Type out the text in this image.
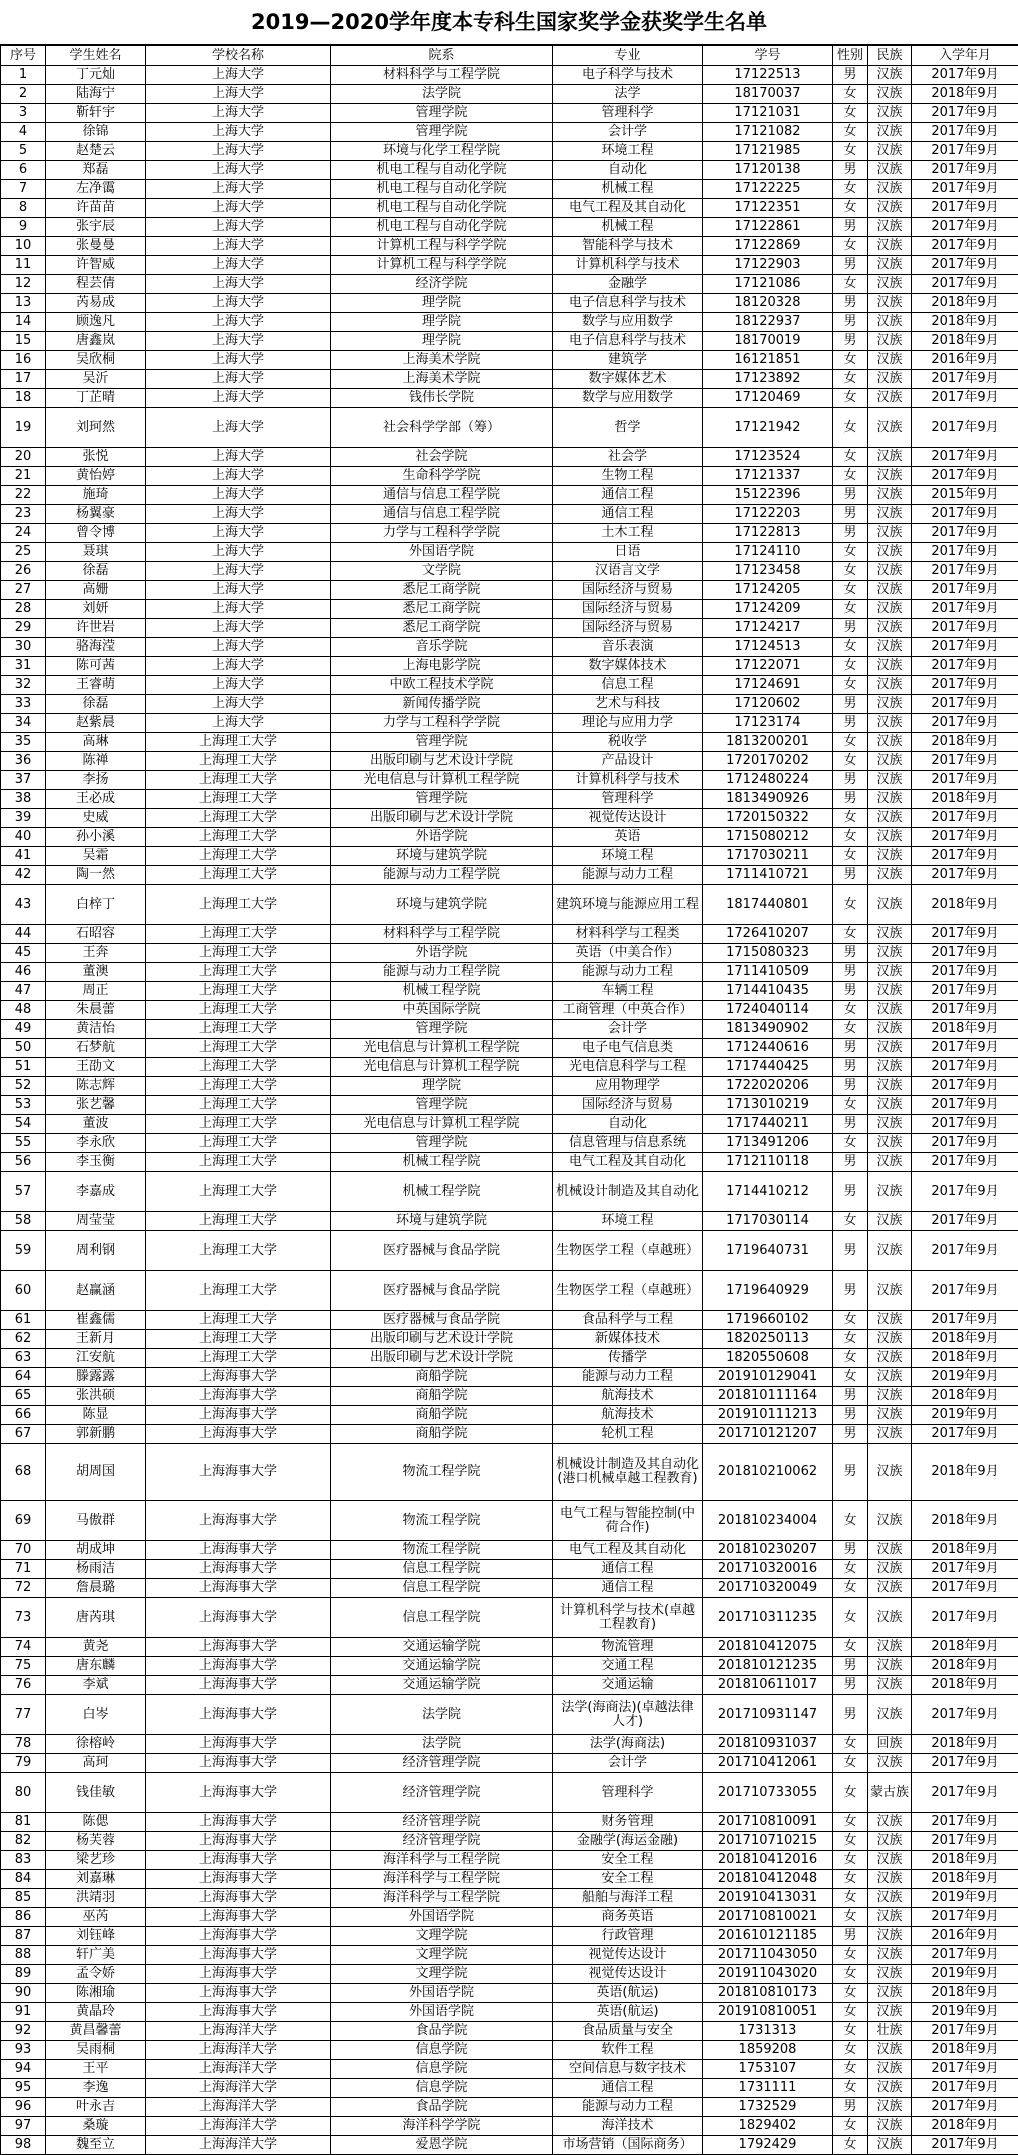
2019—2020学年度本专科生国家奖学金获奖学生名单
序号	学生姓名	学校名称	院系	专业	学号	性别	民族	入学年月
1	丁元灿	上海大学	材料科学与工程学院	电子科学与技术	17122513	男	汉族	2017年9月
2	陆海宁	上海大学	法学院	法学	18170037	女	汉族	2018年9月
3	靳轩宇	上海大学	管理学院	管理科学	17121031	女	汉族	2017年9月
4	徐锦	上海大学	管理学院	会计学	17121082	女	汉族	2017年9月
5	赵楚云	上海大学	环境与化学工程学院	环境工程	17121985	女	汉族	2017年9月
6	郑磊	上海大学	机电工程与自动化学院	自动化	17120138	男	汉族	2017年9月
7	左净霭	上海大学	机电工程与自动化学院	机械工程	17122225	女	汉族	2017年9月
8	许苗苗	上海大学	机电工程与自动化学院	电气工程及其自动化	17122351	女	汉族	2017年9月
9	张宇辰	上海大学	机电工程与自动化学院	机械工程	17122861	男	汉族	2017年9月
10	张曼曼	上海大学	计算机工程与科学学院	智能科学与技术	17122869	女	汉族	2017年9月
11	许智威	上海大学	计算机工程与科学学院	计算机科学与技术	17122903	男	汉族	2017年9月
12	程芸倩	上海大学	经济学院	金融学	17121086	女	汉族	2017年9月
13	芮易成	上海大学	理学院	电子信息科学与技术	18120328	男	汉族	2018年9月
14	顾逸凡	上海大学	理学院	数学与应用数学	18122937	男	汉族	2018年9月
15	唐鑫岚	上海大学	理学院	电子信息科学与技术	18170019	男	汉族	2018年9月
16	吴欣桐	上海大学	上海美术学院	建筑学	16121851	女	汉族	2016年9月
17	吴沂	上海大学	上海美术学院	数字媒体艺术	17123892	女	汉族	2017年9月
18	丁芷晴	上海大学	钱伟长学院	数学与应用数学	17120469	女	汉族	2017年9月
19	刘珂然	上海大学	社会科学学部（筹）	哲学	17121942	女	汉族	2017年9月
20	张悦	上海大学	社会学院	社会学	17123524	女	汉族	2017年9月
21	黄怡婷	上海大学	生命科学学院	生物工程	17121337	女	汉族	2017年9月
22	施琦	上海大学	通信与信息工程学院	通信工程	15122396	男	汉族	2015年9月
23	杨翼豪	上海大学	通信与信息工程学院	通信工程	17122203	男	汉族	2017年9月
24	曾令博	上海大学	力学与工程科学学院	土木工程	17122813	男	汉族	2017年9月
25	聂琪	上海大学	外国语学院	日语	17124110	女	汉族	2017年9月
26	徐磊	上海大学	文学院	汉语言文学	17123458	女	汉族	2017年9月
27	高姗	上海大学	悉尼工商学院	国际经济与贸易	17124205	女	汉族	2017年9月
28	刘妍	上海大学	悉尼工商学院	国际经济与贸易	17124209	女	汉族	2017年9月
29	许世岩	上海大学	悉尼工商学院	国际经济与贸易	17124217	男	汉族	2017年9月
30	骆海滢	上海大学	音乐学院	音乐表演	17124513	女	汉族	2017年9月
31	陈可茜	上海大学	上海电影学院	数字媒体技术	17122071	女	汉族	2017年9月
32	王睿萌	上海大学	中欧工程技术学院	信息工程	17124691	女	汉族	2017年9月
33	徐磊	上海大学	新闻传播学院	艺术与科技	17120602	男	汉族	2017年9月
34	赵紫晨	上海大学	力学与工程科学学院	理论与应用力学	17123174	男	汉族	2017年9月
35	高琳	上海理工大学	管理学院	税收学	1813200201	女	汉族	2018年9月
36	陈禅	上海理工大学	出版印刷与艺术设计学院	产品设计	1720170202	女	汉族	2017年9月
37	李扬	上海理工大学	光电信息与计算机工程学院	计算机科学与技术	1712480224	男	汉族	2017年9月
38	王必成	上海理工大学	管理学院	管理科学	1813490926	男	汉族	2018年9月
39	史威	上海理工大学	出版印刷与艺术设计学院	视觉传达设计	1720150322	女	汉族	2017年9月
40	孙小溪	上海理工大学	外语学院	英语	1715080212	女	汉族	2017年9月
41	吴霜	上海理工大学	环境与建筑学院	环境工程	1717030211	女	汉族	2017年9月
42	陶一然	上海理工大学	能源与动力工程学院	能源与动力工程	1711410721	男	汉族	2017年9月
43	白梓丁	上海理工大学	环境与建筑学院	建筑环境与能源应用工程	1817440801	女	汉族	2018年9月
44	石昭容	上海理工大学	材料科学与工程学院	材料科学与工程类	1726410207	女	汉族	2017年9月
45	王奔	上海理工大学	外语学院	英语（中美合作）	1715080323	男	汉族	2017年9月
46	董澳	上海理工大学	能源与动力工程学院	能源与动力工程	1711410509	男	汉族	2017年9月
47	周正	上海理工大学	机械工程学院	车辆工程	1714410435	男	汉族	2017年9月
48	朱晨蕾	上海理工大学	中英国际学院	工商管理（中英合作）	1724040114	女	汉族	2017年9月
49	黄洁怡	上海理工大学	管理学院	会计学	1813490902	女	汉族	2018年9月
50	石梦航	上海理工大学	光电信息与计算机工程学院	电子电气信息类	1712440616	男	汉族	2017年9月
51	王劭文	上海理工大学	光电信息与计算机工程学院	光电信息科学与工程	1717440425	男	汉族	2017年9月
52	陈志辉	上海理工大学	理学院	应用物理学	1722020206	男	汉族	2017年9月
53	张艺馨	上海理工大学	管理学院	国际经济与贸易	1713010219	女	汉族	2017年9月
54	董波	上海理工大学	光电信息与计算机工程学院	自动化	1717440211	男	汉族	2017年9月
55	李永欣	上海理工大学	管理学院	信息管理与信息系统	1713491206	女	汉族	2017年9月
56	李玉衡	上海理工大学	机械工程学院	电气工程及其自动化	1712110118	男	汉族	2017年9月
57	李嘉成	上海理工大学	机械工程学院	机械设计制造及其自动化	1714410212	男	汉族	2017年9月
58	周莹莹	上海理工大学	环境与建筑学院	环境工程	1717030114	女	汉族	2017年9月
59	周利钢	上海理工大学	医疗器械与食品学院	生物医学工程（卓越班）	1719640731	男	汉族	2017年9月
60	赵赢涵	上海理工大学	医疗器械与食品学院	生物医学工程（卓越班）	1719640929	男	汉族	2017年9月
61	崔鑫儒	上海理工大学	医疗器械与食品学院	食品科学与工程	1719660102	女	汉族	2017年9月
62	王新月	上海理工大学	出版印刷与艺术设计学院	新媒体技术	1820250113	女	汉族	2018年9月
63	江安航	上海理工大学	出版印刷与艺术设计学院	传播学	1820550608	女	汉族	2018年9月
64	滕露露	上海海事大学	商船学院	能源与动力工程	201910129041	女	汉族	2019年9月
65	张洪硕	上海海事大学	商船学院	航海技术	201810111164	男	汉族	2018年9月
66	陈显	上海海事大学	商船学院	航海技术	201910111213	男	汉族	2019年9月
67	郭新鹏	上海海事大学	商船学院	轮机工程	201710121207	男	汉族	2017年9月
68	胡周国	上海海事大学	物流工程学院	机械设计制造及其自动化(港口机械卓越工程教育)	201810210062	男	汉族	2018年9月
69	马傲群	上海海事大学	物流工程学院	电气工程与智能控制(中荷合作)	201810234004	女	汉族	2018年9月
70	胡成坤	上海海事大学	物流工程学院	电气工程及其自动化	201810230207	男	汉族	2018年9月
71	杨雨洁	上海海事大学	信息工程学院	通信工程	201710320016	女	汉族	2017年9月
72	詹晨璐	上海海事大学	信息工程学院	通信工程	201710320049	女	汉族	2017年9月
73	唐芮琪	上海海事大学	信息工程学院	计算机科学与技术(卓越工程教育)	201710311235	女	汉族	2017年9月
74	黄尧	上海海事大学	交通运输学院	物流管理	201810412075	女	汉族	2018年9月
75	唐东麟	上海海事大学	交通运输学院	交通工程	201810121235	男	汉族	2018年9月
76	李斌	上海海事大学	交通运输学院	交通运输	201810611017	男	汉族	2018年9月
77	白岑	上海海事大学	法学院	法学(海商法)(卓越法律人才)	201710931147	男	汉族	2017年9月
78	徐榕岭	上海海事大学	法学院	法学(海商法)	201810931037	女	回族	2018年9月
79	高珂	上海海事大学	经济管理学院	会计学	201710412061	女	汉族	2017年9月
80	钱佳敏	上海海事大学	经济管理学院	管理科学	201710733055	女	蒙古族	2017年9月
81	陈偲	上海海事大学	经济管理学院	财务管理	201710810091	女	汉族	2017年9月
82	杨芙蓉	上海海事大学	经济管理学院	金融学(海运金融)	201710710215	女	汉族	2017年9月
83	梁艺珍	上海海事大学	海洋科学与工程学院	安全工程	201810412016	女	汉族	2018年9月
84	刘嘉琳	上海海事大学	海洋科学与工程学院	安全工程	201810412048	女	汉族	2018年9月
85	洪靖羽	上海海事大学	海洋科学与工程学院	船舶与海洋工程	201910413031	女	汉族	2019年9月
86	巫芮	上海海事大学	外国语学院	商务英语	201710810021	女	汉族	2017年9月
87	刘钰峰	上海海事大学	文理学院	行政管理	201610121185	男	汉族	2016年9月
88	轩广美	上海海事大学	文理学院	视觉传达设计	201711043050	女	汉族	2017年9月
89	孟令娇	上海海事大学	文理学院	视觉传达设计	201911043020	女	汉族	2019年9月
90	陈湘瑜	上海海事大学	外国语学院	英语(航运)	201810810173	女	汉族	2018年9月
91	黄晶玲	上海海事大学	外国语学院	英语(航运)	201910810051	女	汉族	2019年9月
92	黄昌馨蕾	上海海洋大学	食品学院	食品质量与安全	1731313	女	壮族	2017年9月
93	吴雨桐	上海海洋大学	信息学院	软件工程	1859208	女	汉族	2018年9月
94	王平	上海海洋大学	信息学院	空间信息与数字技术	1753107	女	汉族	2017年9月
95	李逸	上海海洋大学	信息学院	通信工程	1731111	女	汉族	2017年9月
96	叶永吉	上海海洋大学	食品学院	能源与动力工程	1732529	男	汉族	2017年9月
97	桑璇	上海海洋大学	海洋科学学院	海洋技术	1829402	女	汉族	2018年9月
98	魏至立	上海海洋大学	爱恩学院	市场营销（国际商务）	1792429	女	汉族	2017年9月
